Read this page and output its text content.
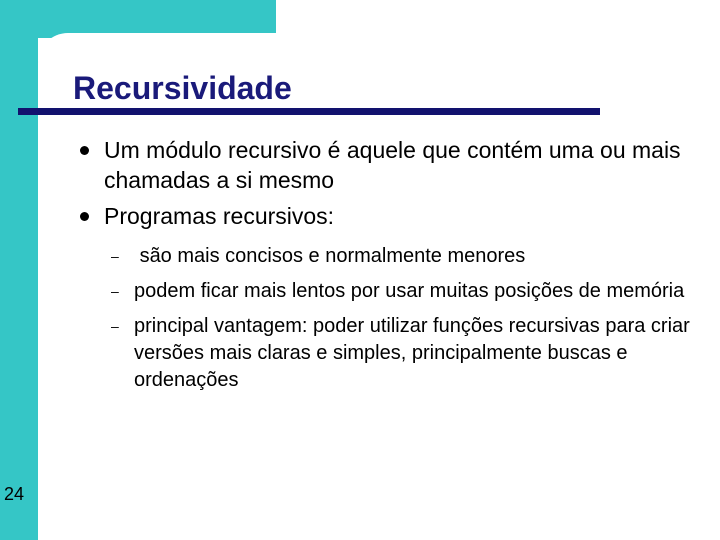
Recursividade
Um módulo recursivo é aquele que contém uma ou mais chamadas a si mesmo
Programas recursivos:
– são mais concisos e normalmente menores
– podem ficar mais lentos por usar muitas posições de memória
– principal vantagem: poder utilizar funções recursivas para criar versões mais claras e simples, principalmente buscas e ordenações
24
